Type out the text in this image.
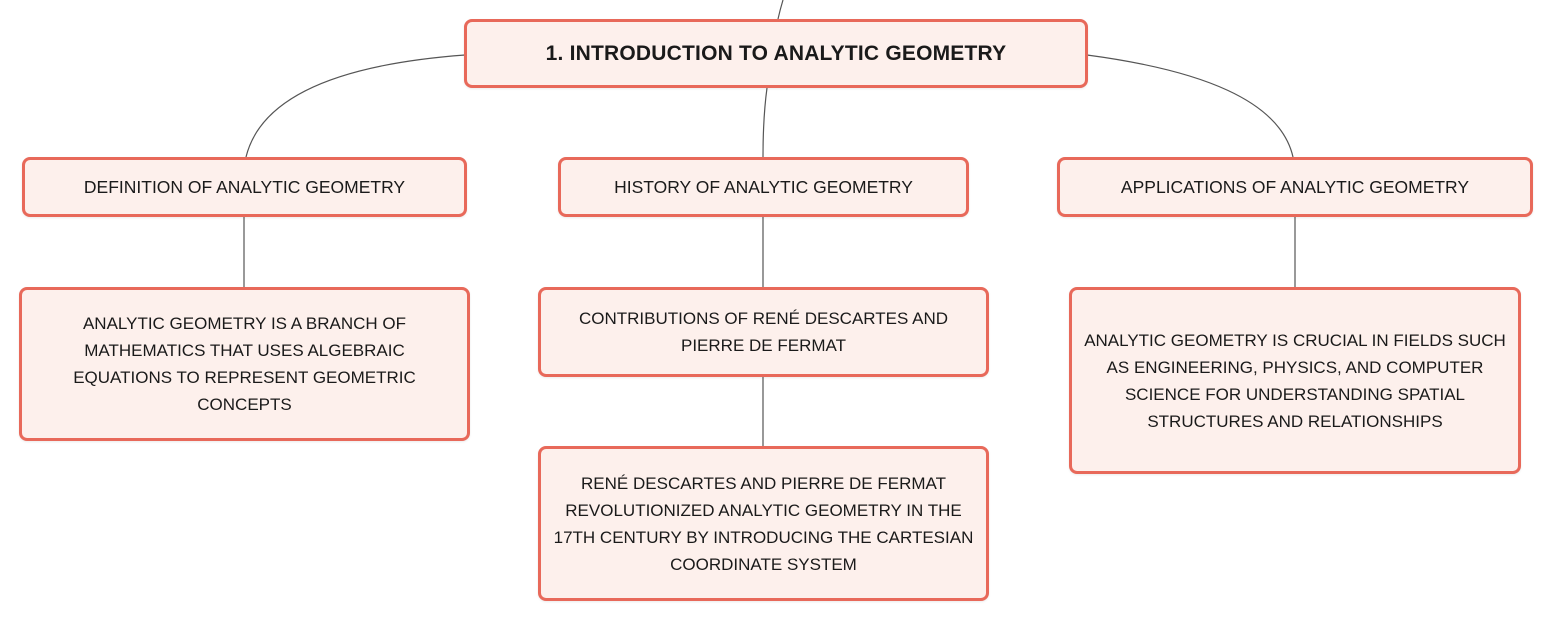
1. INTRODUCTION TO ANALYTIC GEOMETRY
DEFINITION OF ANALYTIC GEOMETRY	HISTORY OF ANALYTIC GEOMETRY	APPLICATIONS OF ANALYTIC GEOMETRY
ANALYTIC GEOMETRY IS A BRANCH OF MATHEMATICS THAT USES ALGEBRAIC EQUATIONS TO REPRESENT GEOMETRIC CONCEPTS
CONTRIBUTIONS OF RENÉ DESCARTES AND PIERRE DE FERMAT
RENÉ DESCARTES AND PIERRE DE FERMAT REVOLUTIONIZED ANALYTIC GEOMETRY IN THE 17TH CENTURY BY INTRODUCING THE CARTESIAN COORDINATE SYSTEM
ANALYTIC GEOMETRY IS CRUCIAL IN FIELDS SUCH AS ENGINEERING, PHYSICS, AND COMPUTER SCIENCE FOR UNDERSTANDING SPATIAL STRUCTURES AND RELATIONSHIPS
